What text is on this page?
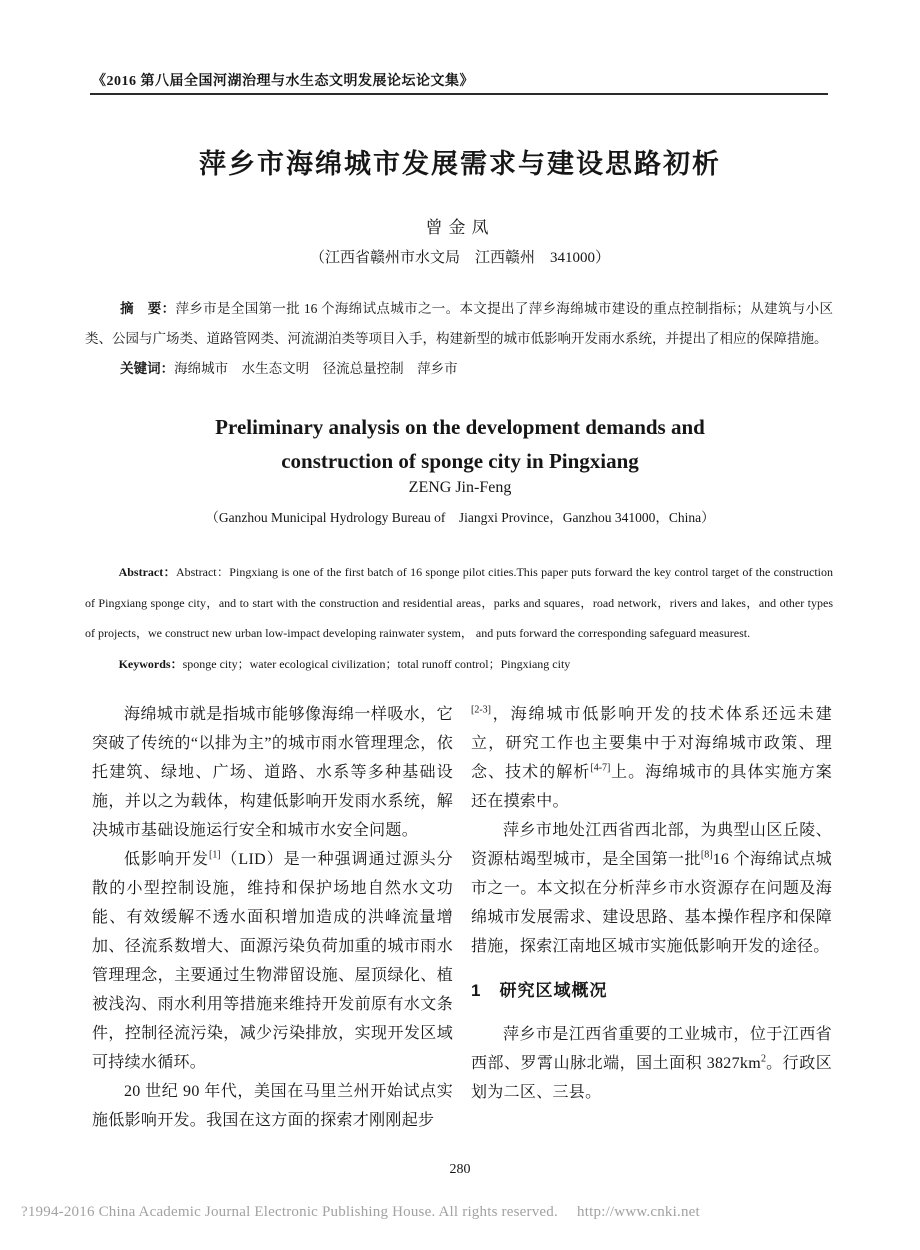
《2016 第八届全国河湖治理与水生态文明发展论坛论文集》
萍乡市海绵城市发展需求与建设思路初析
曾金凤
（江西省赣州市水文局　江西赣州　341000）

摘　要：萍乡市是全国第一批 16 个海绵试点城市之一。本文提出了萍乡海绵城市建设的重点控制指标；从建筑与小区类、公园与广场类、道路管网类、河流湖泊类等项目入手，构建新型的城市低影响开发雨水系统，并提出了相应的保障措施。

关键词：海绵城市　水生态文明　径流总量控制　萍乡市

Preliminary analysis on the development demands and
construction of sponge city in Pingxiang
ZENG Jin-Feng
（Ganzhou Municipal Hydrology Bureau of　Jiangxi Province，Ganzhou 341000，China）

Abstract：Abstract：Pingxiang is one of the first batch of 16 sponge pilot cities.This paper puts forward the key control target of the construction of Pingxiang sponge city，and to start with the construction and residential areas，parks and squares，road network，rivers and lakes，and other types of projects，we construct new urban low-impact developing rainwater system， and puts forward the corresponding safeguard measurest.

Keywords：sponge city；water ecological civilization；total runoff control；Pingxiang city

海绵城市就是指城市能够像海绵一样吸水，它突破了传统的“以排为主”的城市雨水管理理念，依托建筑、绿地、广场、道路、水系等多种基础设施，并以之为载体，构建低影响开发雨水系统，解决城市基础设施运行安全和城市水安全问题。

低影响开发[1]（LID）是一种强调通过源头分散的小型控制设施，维持和保护场地自然水文功能、有效缓解不透水面积增加造成的洪峰流量增加、径流系数增大、面源污染负荷加重的城市雨水管理理念，主要通过生物滞留设施、屋顶绿化、植被浅沟、雨水利用等措施来维持开发前原有水文条件，控制径流污染，减少污染排放，实现开发区域可持续水循环。

20 世纪 90 年代，美国在马里兰州开始试点实施低影响开发。我国在这方面的探索才刚刚起步

[2-3]，海绵城市低影响开发的技术体系还远未建立，研究工作也主要集中于对海绵城市政策、理念、技术的解析[4-7]上。海绵城市的具体实施方案还在摸索中。

萍乡市地处江西省西北部，为典型山区丘陵、资源枯竭型城市，是全国第一批[8]16 个海绵试点城市之一。本文拟在分析萍乡市水资源存在问题及海绵城市发展需求、建设思路、基本操作程序和保障措施，探索江南地区城市实施低影响开发的途径。

1　研究区域概况

萍乡市是江西省重要的工业城市，位于江西省西部、罗霄山脉北端，国土面积 3827km$^2$。行政区划为二区、三县。

280
?1994-2016 China Academic Journal Electronic Publishing House. All rights reserved.　 http://www.cnki.net
